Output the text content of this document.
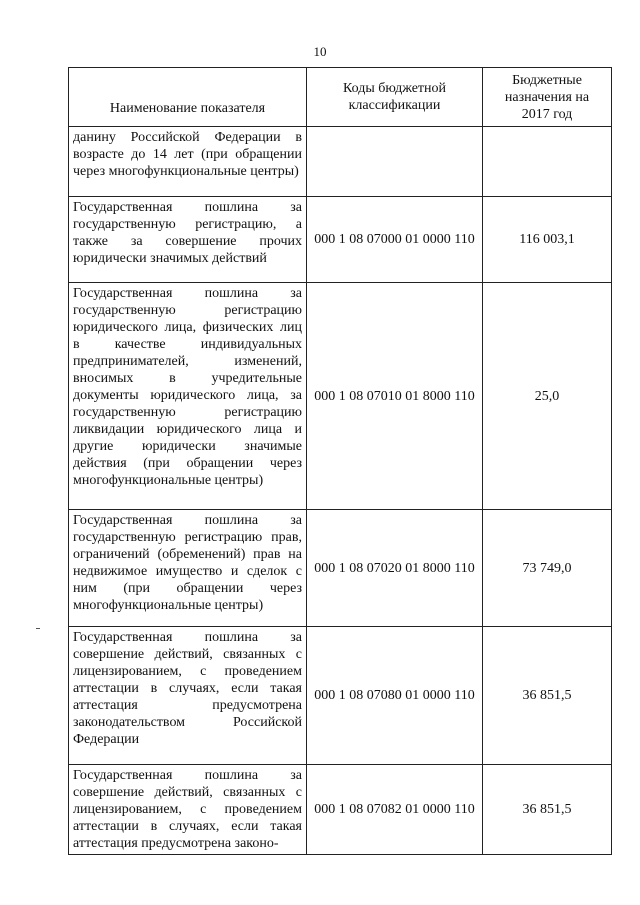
10
Наименование показателя	Коды бюджетной классификации	Бюджетные назначения на 2017 год

данину Российской Федерации в возрасте до 14 лет (при обращении через многофункциональные центры)		
Государственная пошлина за государственную регистрацию, а также за совершение прочих юридически значимых действий	000 1 08 07000 01 0000 110	116 003,1
Государственная пошлина за государственную регистрацию юридического лица, физических лиц в качестве индивидуальных предпринимателей, изменений, вносимых в учредительные документы юридического лица, за государственную регистрацию ликвидации юридического лица и другие юридически значимые действия (при обращении через многофункциональные центры)	000 1 08 07010 01 8000 110	25,0
Государственная пошлина за государственную регистрацию прав, ограничений (обременений) прав на недвижимое имущество и сделок с ним (при обращении через многофункциональные центры)	000 1 08 07020 01 8000 110	73 749,0
Государственная пошлина за совершение действий, связанных с лицензированием, с проведением аттестации в случаях, если такая аттестация предусмотрена законодательством Российской Федерации	000 1 08 07080 01 0000 110	36 851,5
Государственная пошлина за совершение действий, связанных с лицензированием, с проведением аттестации в случаях, если такая аттестация предусмотрена законо-	000 1 08 07082 01 0000 110	36 851,5
